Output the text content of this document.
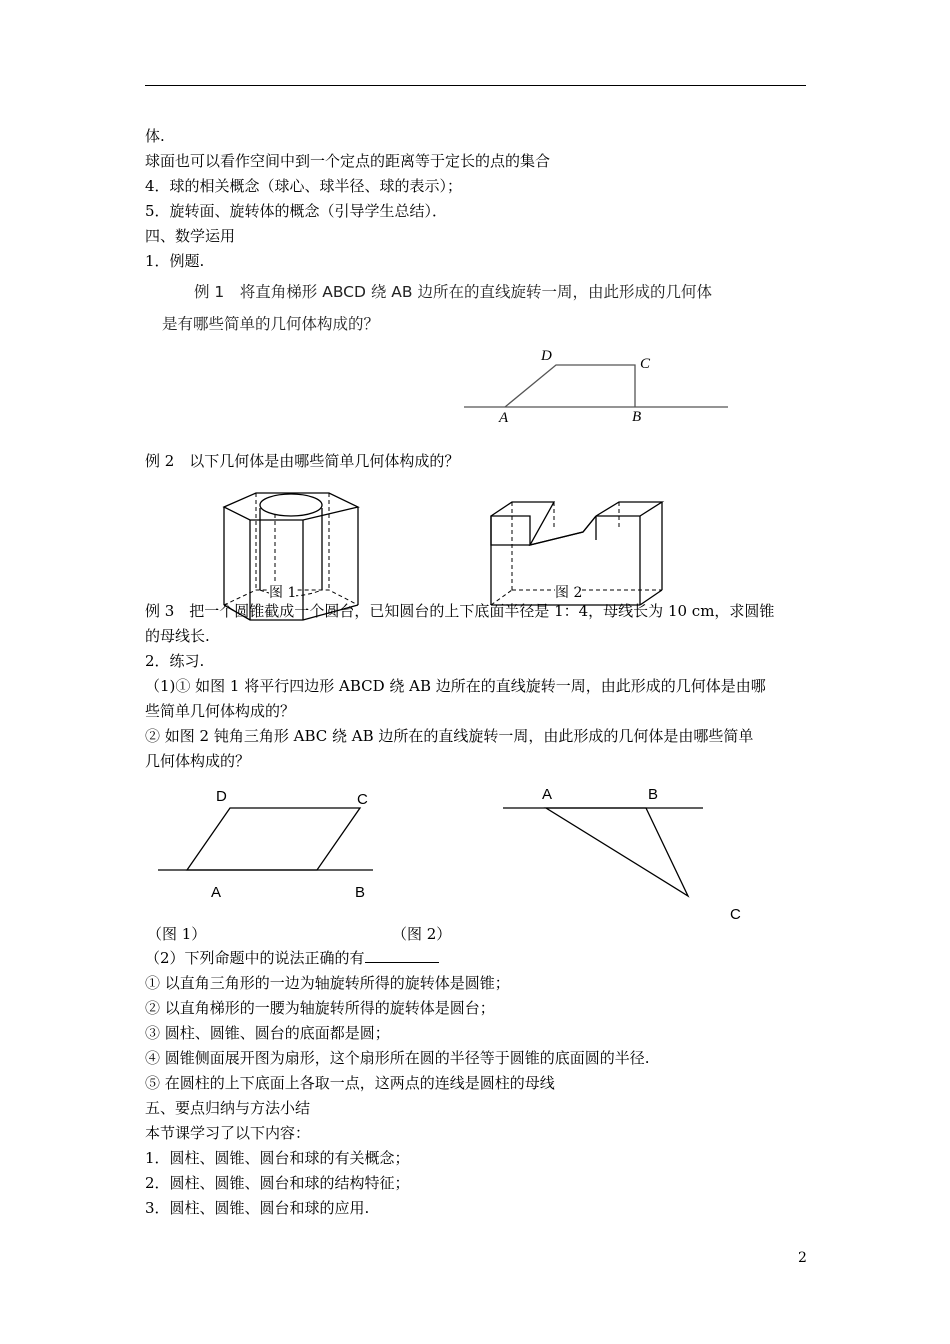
体.
球面也可以看作空间中到一个定点的距离等于定长的点的集合
4．球的相关概念（球心、球半径、球的表示）；
5．旋转面、旋转体的概念（引导学生总结）．
四、数学运用
1．例题.
例 1　将直角梯形 ABCD 绕 AB 边所在的直线旋转一周，由此形成的几何体
是有哪些简单的几何体构成的？
D	C
A	B
例 2　以下几何体是由哪些简单几何体构成的？
图 1	图 2
例 3　把一个圆锥截成一个圆台，已知圆台的上下底面半径是 1：4，母线长为 10 cm，求圆锥
的母线长.
2．练习.
（1)① 如图 1 将平行四边形 ABCD 绕 AB 边所在的直线旋转一周，由此形成的几何体是由哪
些简单几何体构成的？
② 如图 2 钝角三角形 ABC 绕 AB 边所在的直线旋转一周，由此形成的几何体是由哪些简单
几何体构成的？
D	C
A	B
A	B
C
（图 1）	（图 2）
（2）下列命题中的说法正确的有
① 以直角三角形的一边为轴旋转所得的旋转体是圆锥；
② 以直角梯形的一腰为轴旋转所得的旋转体是圆台；
③ 圆柱、圆锥、圆台的底面都是圆；
④ 圆锥侧面展开图为扇形，这个扇形所在圆的半径等于圆锥的底面圆的半径.
⑤ 在圆柱的上下底面上各取一点，这两点的连线是圆柱的母线
五、要点归纳与方法小结
本节课学习了以下内容：
1．圆柱、圆锥、圆台和球的有关概念；
2．圆柱、圆锥、圆台和球的结构特征；
3．圆柱、圆锥、圆台和球的应用.
2
